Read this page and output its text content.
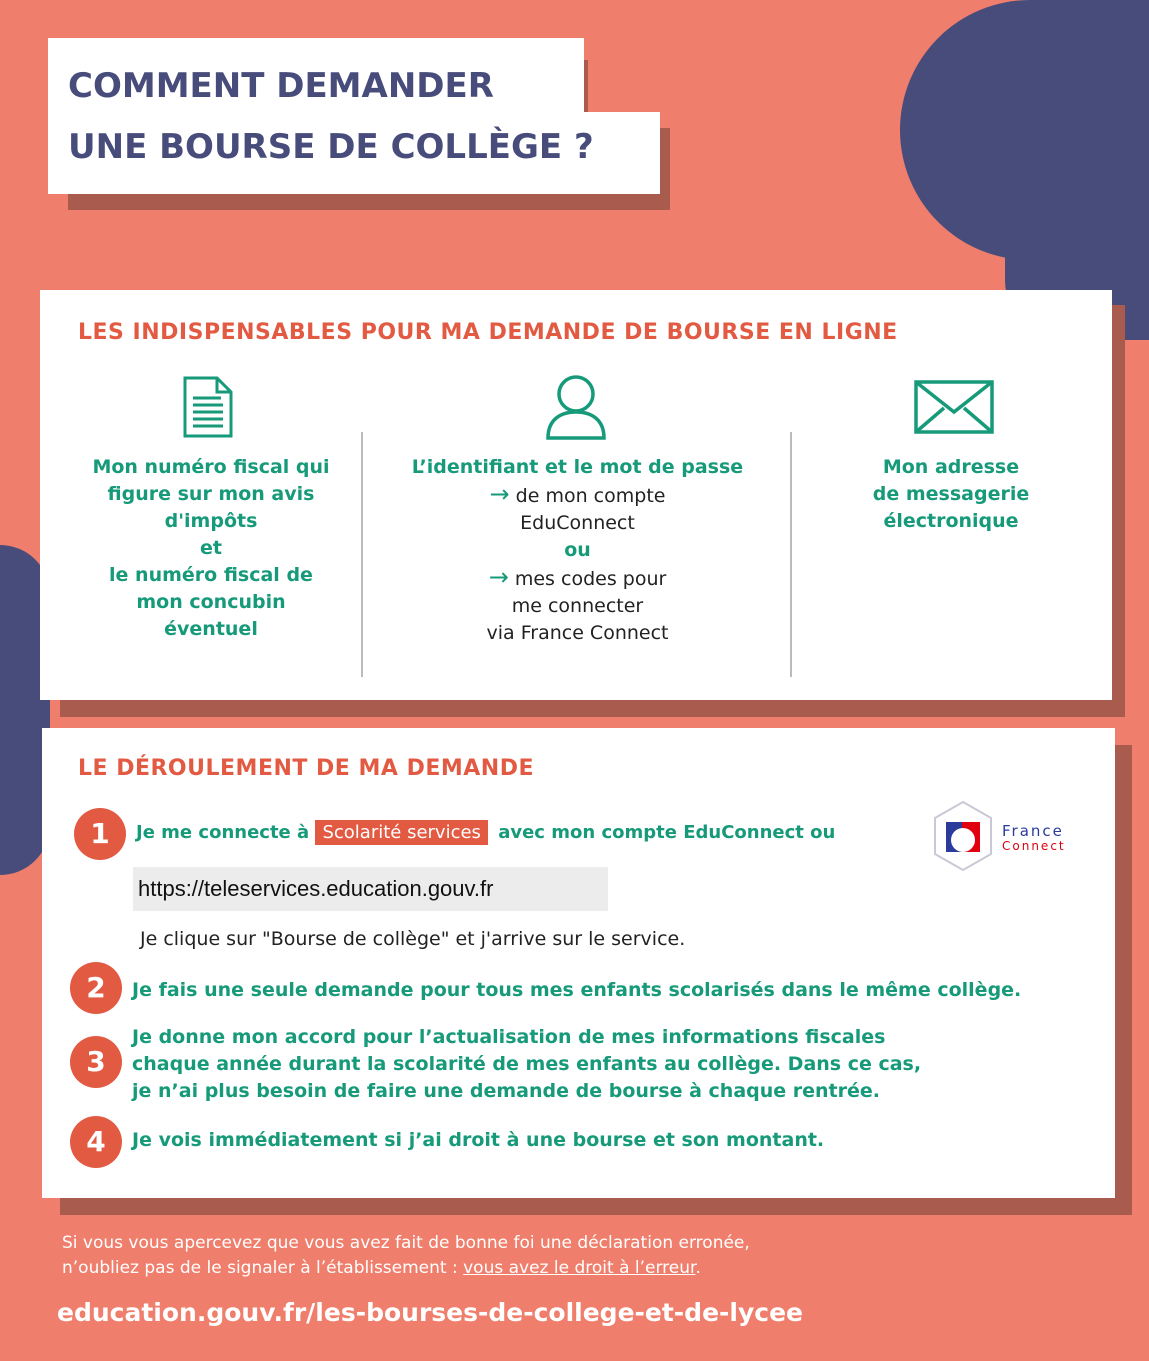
COMMENT DEMANDER
UNE BOURSE DE COLLÈGE ?
LES INDISPENSABLES POUR MA DEMANDE DE BOURSE EN LIGNE
Mon numéro fiscal qui
figure sur mon avis
d'impôts
et
le numéro fiscal de
mon concubin
éventuel
L’identifiant et le mot de passe
→ de mon compte
EduConnect
ou
→ mes codes pour
me connecter
via France Connect
Mon adresse
de messagerie
électronique
LE DÉROULEMENT DE MA DEMANDE
1	Je me connecte à Scolarité services avec mon compte EduConnect ou	France
Connect
https://teleservices.education.gouv.fr
Je clique sur "Bourse de collège" et j'arrive sur le service.
2	Je fais une seule demande pour tous mes enfants scolarisés dans le même collège.
3
Je donne mon accord pour l’actualisation de mes informations fiscales
chaque année durant la scolarité de mes enfants au collège. Dans ce cas,
je n’ai plus besoin de faire une demande de bourse à chaque rentrée.
4	Je vois immédiatement si j’ai droit à une bourse et son montant.
Si vous vous apercevez que vous avez fait de bonne foi une déclaration erronée,
n’oubliez pas de le signaler à l’établissement : vous avez le droit à l’erreur.
education.gouv.fr/les-bourses-de-college-et-de-lycee
